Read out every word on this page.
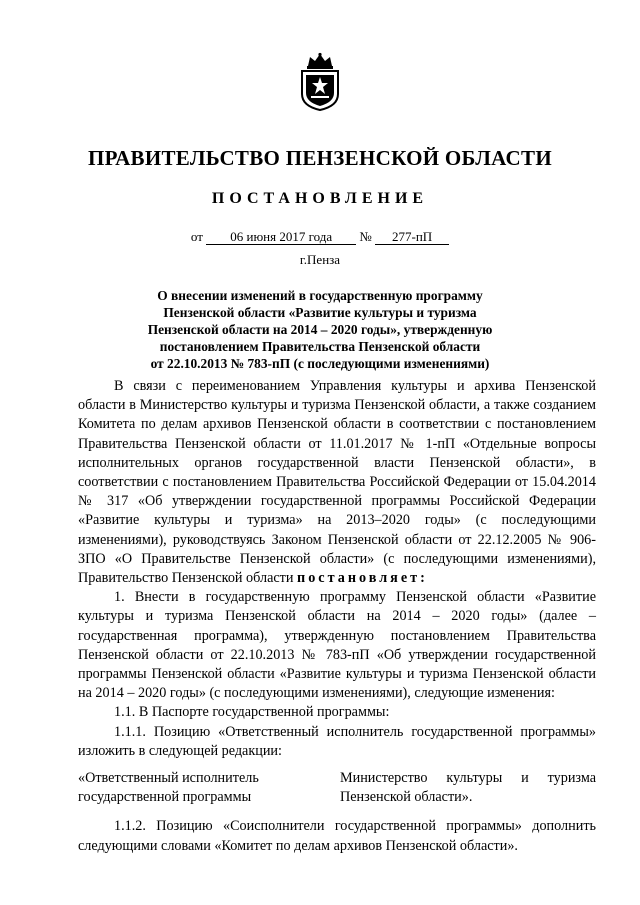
ПРАВИТЕЛЬСТВО ПЕНЗЕНСКОЙ ОБЛАСТИ
ПОСТАНОВЛЕНИЕ
от 06 июня 2017 года № 277-пП
г.Пенза
О внесении изменений в государственную программу
Пензенской области «Развитие культуры и туризма
Пензенской области на 2014 – 2020 годы», утвержденную
постановлением Правительства Пензенской области
от 22.10.2013 № 783-пП (с последующими изменениями)

В связи с переименованием Управления культуры и архива Пензенской области в Министерство культуры и туризма Пензенской области, а также созданием Комитета по делам архивов Пензенской области в соответствии с постановлением Правительства Пензенской области от 11.01.2017 № 1-пП «Отдельные вопросы исполнительных органов государственной власти Пензенской области», в соответствии с постановлением Правительства Российской Федерации от 15.04.2014 № 317 «Об утверждении государственной программы Российской Федерации «Развитие культуры и туризма» на 2013–2020 годы» (с последующими изменениями), руководствуясь Законом Пензенской области от 22.12.2005 № 906-ЗПО «О Правительстве Пензенской области» (с последующими изменениями), Правительство Пензенской области постановляет:

1. Внести в государственную программу Пензенской области «Развитие культуры и туризма Пензенской области на 2014 – 2020 годы» (далее – государственная программа), утвержденную постановлением Правительства Пензенской области от 22.10.2013 № 783-пП «Об утверждении государственной программы Пензенской области «Развитие культуры и туризма Пензенской области на 2014 – 2020 годы» (с последующими изменениями), следующие изменения:

1.1. В Паспорте государственной программы:

1.1.1. Позицию «Ответственный исполнитель государственной программы» изложить в следующей редакции:

«Ответственный исполнитель государственной программы
Министерство культуры и туризма Пензенской области».

1.1.2. Позицию «Соисполнители государственной программы» дополнить следующими словами «Комитет по делам архивов Пензенской области».
